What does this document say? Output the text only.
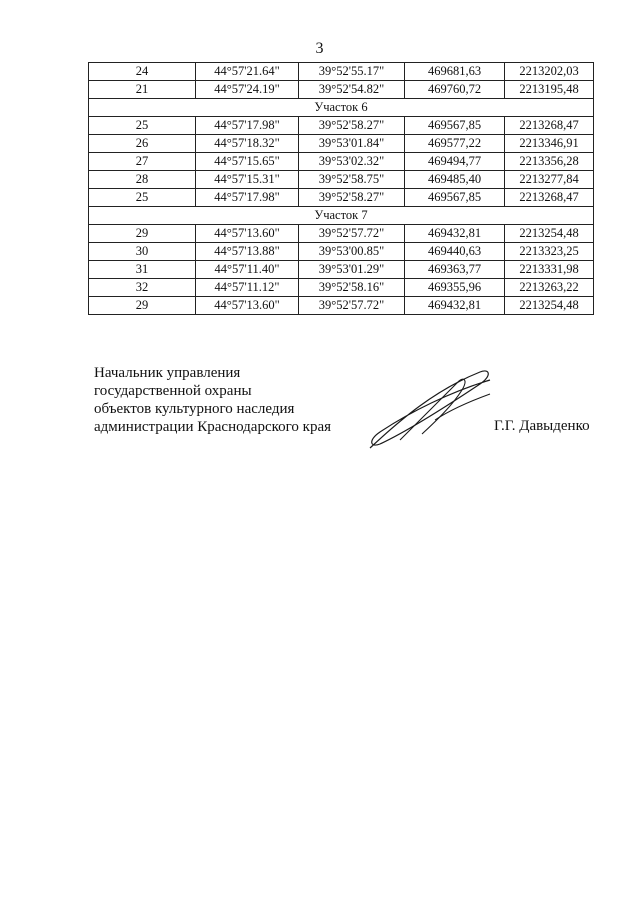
3
24	44°57'21.64"	39°52'55.17"	469681,63	2213202,03
21	44°57'24.19"	39°52'54.82"	469760,72	2213195,48
Участок 6				
25	44°57'17.98"	39°52'58.27"	469567,85	2213268,47
26	44°57'18.32"	39°53'01.84"	469577,22	2213346,91
27	44°57'15.65"	39°53'02.32"	469494,77	2213356,28
28	44°57'15.31"	39°52'58.75"	469485,40	2213277,84
25	44°57'17.98"	39°52'58.27"	469567,85	2213268,47
Участок 7				
29	44°57'13.60"	39°52'57.72"	469432,81	2213254,48
30	44°57'13.88"	39°53'00.85"	469440,63	2213323,25
31	44°57'11.40"	39°53'01.29"	469363,77	2213331,98
32	44°57'11.12"	39°52'58.16"	469355,96	2213263,22
29	44°57'13.60"	39°52'57.72"	469432,81	2213254,48
Начальник управления
государственной охраны
объектов культурного наследия
администрации Краснодарского края	Г.Г. Давыденко
